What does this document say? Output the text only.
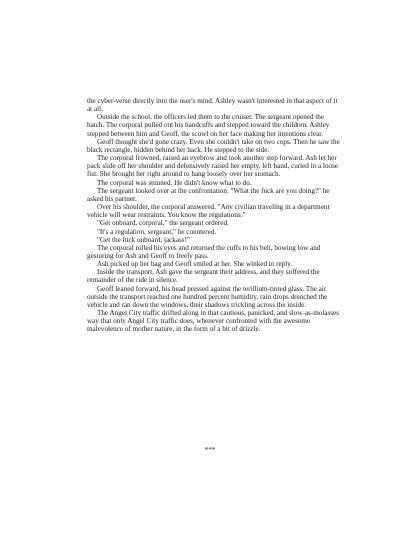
the cyber-verse directly into the user's mind. Ashley wasn't interested in that aspect of it at all.

Outside the school, the officers led them to the cruiser. The sergeant opened the hatch. The corporal pulled out his handcuffs and stepped toward the children. Ashley stepped between him and Geoff, the scowl on her face making her intentions clear.

Geoff thought she'd gone crazy. Even she couldn't take on two cops. Then he saw the black rectangle, hidden behind her back. He stepped to the side.

The corporal frowned, raised an eyebrow and took another step forward. Ash let her pack slide off her shoulder and defensively raised her empty, left hand, curled in a loose fist. She brought her right around to hang loosely over her stomach.

The corporal was stunned. He didn't know what to do.

The sergeant looked over at the confrontation. "What the fuck are you doing?" he asked his partner.

Over his shoulder, the corporal answered. "Any civilian traveling in a department vehicle will wear restraints. You know the regulations."

"Get onboard, corporal," the sergeant ordered.

"It's a regulation, sergeant," he countered.

"Get the fuck onboard, jackass!"

The corporal rolled his eyes and returned the cuffs to his belt, bowing low and gesturing for Ash and Geoff to freely pass.

Ash picked up her bag and Geoff smiled at her. She winked in reply.

Inside the transport, Ash gave the sergeant their address, and they suffered the remainder of the ride in silence.

Geoff leaned forward, his head pressed against the terillium-tinted glass. The air outside the transport reached one hundred percent humidity, rain drops drenched the vehicle and ran down the windows, their shadows trickling across the inside.

The Angel City traffic drifted along in that cautious, panicked, and slow-as-molasses way that only Angel City traffic does, whenever confronted with the awesome malevolence of mother nature, in the form of a bit of drizzle.

***
